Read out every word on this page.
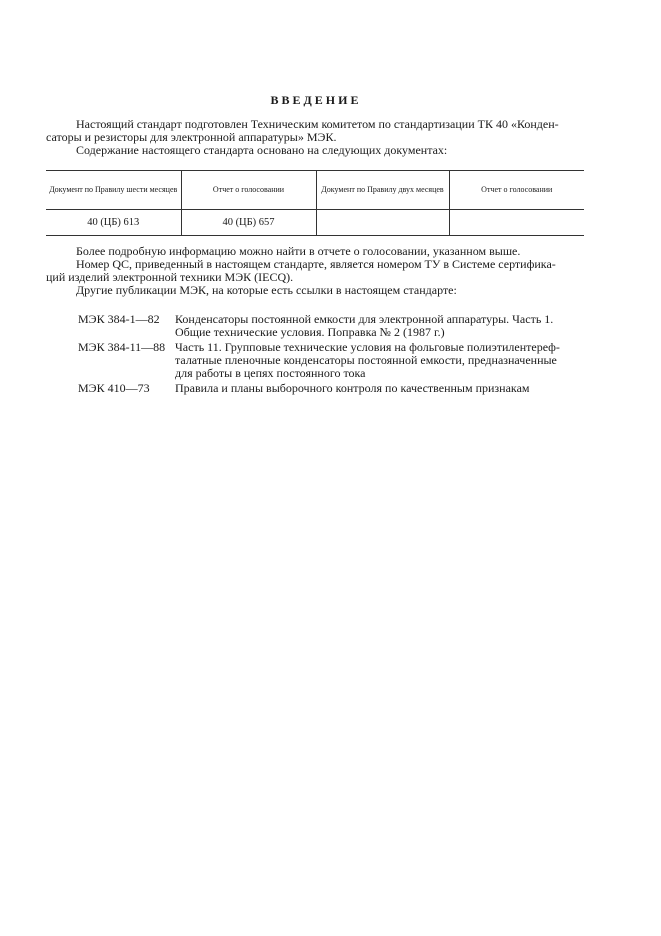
ВВЕДЕНИЕ
Настоящий стандарт подготовлен Техническим комитетом по стандартизации ТК 40 «Конден-
саторы и резисторы для электронной аппаратуры» МЭК.
Содержание настоящего стандарта основано на следующих документах:
Документ по Правилу шести месяцев	Отчет о голосовании	Документ по Правилу двух месяцев	Отчет о голосовании
40 (ЦБ) 613	40 (ЦБ) 657		
Более подробную информацию можно найти в отчете о голосовании, указанном выше.
Номер QC, приведенный в настоящем стандарте, является номером ТУ в Системе сертифика-
ций изделий электронной техники МЭК (IECQ).
Другие публикации МЭК, на которые есть ссылки в настоящем стандарте:
МЭК 384-1—82	Конденсаторы постоянной емкости для электронной аппаратуры. Часть 1.
Общие технические условия. Поправка № 2 (1987 г.)
МЭК 384-11—88 Часть 11. Групповые технические условия на фольговые полиэтилентереф-
талатные пленочные конденсаторы постоянной емкости, предназначенные
для работы в цепях постоянного тока
МЭК 410—73	Правила и планы выборочного контроля по качественным признакам
